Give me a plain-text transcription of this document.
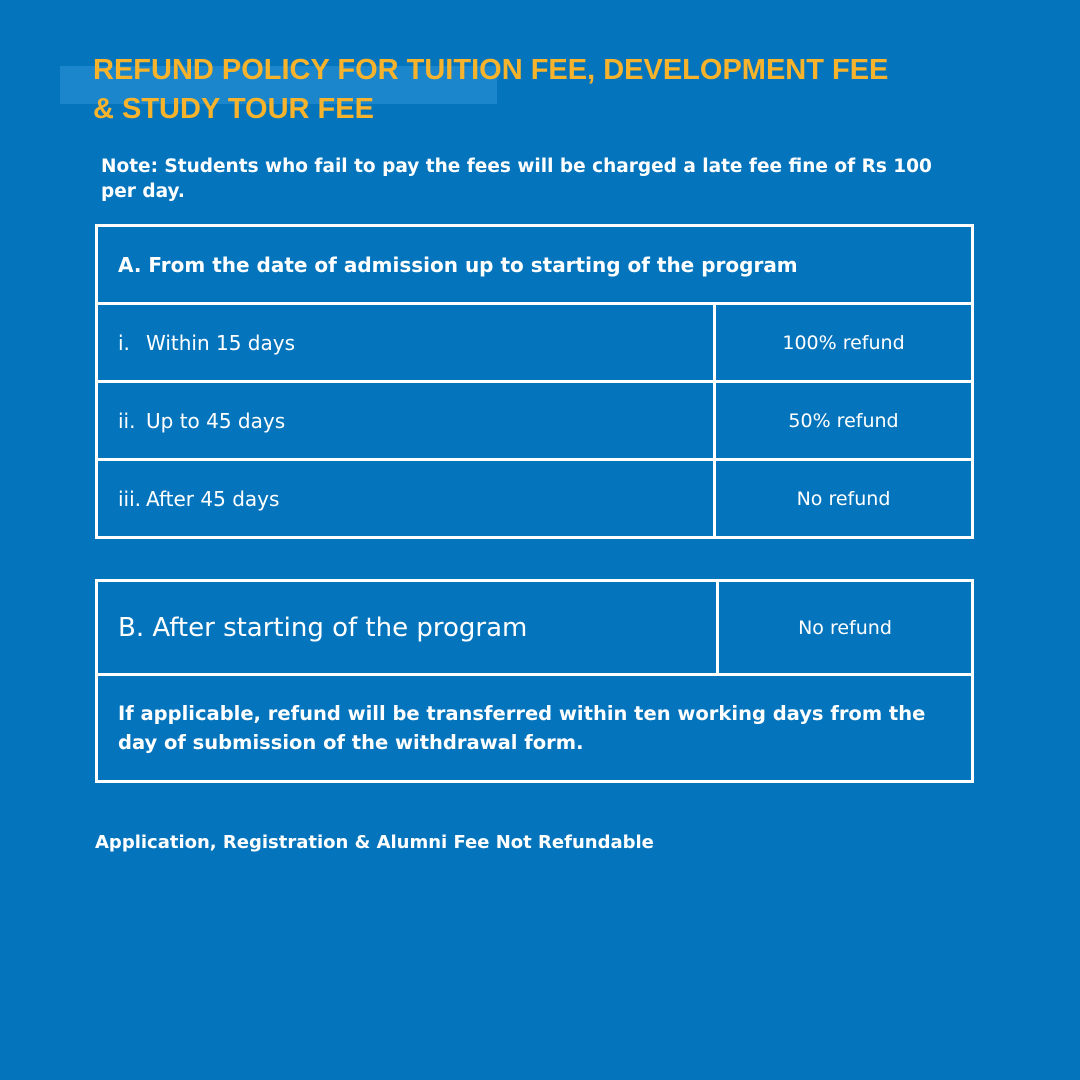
REFUND POLICY FOR TUITION FEE, DEVELOPMENT FEE
& STUDY TOUR FEE

Note: Students who fail to pay the fees will be charged a late fee fine of Rs 100 per day.

A. From the date of admission up to starting of the program
i. Within 15 days	100% refund
ii. Up to 45 days	50% refund
iii. After 45 days	No refund
B. After starting of the program	No refund
If applicable, refund will be transferred within ten working days from the day of submission of the withdrawal form.

Application, Registration & Alumni Fee Not Refundable
